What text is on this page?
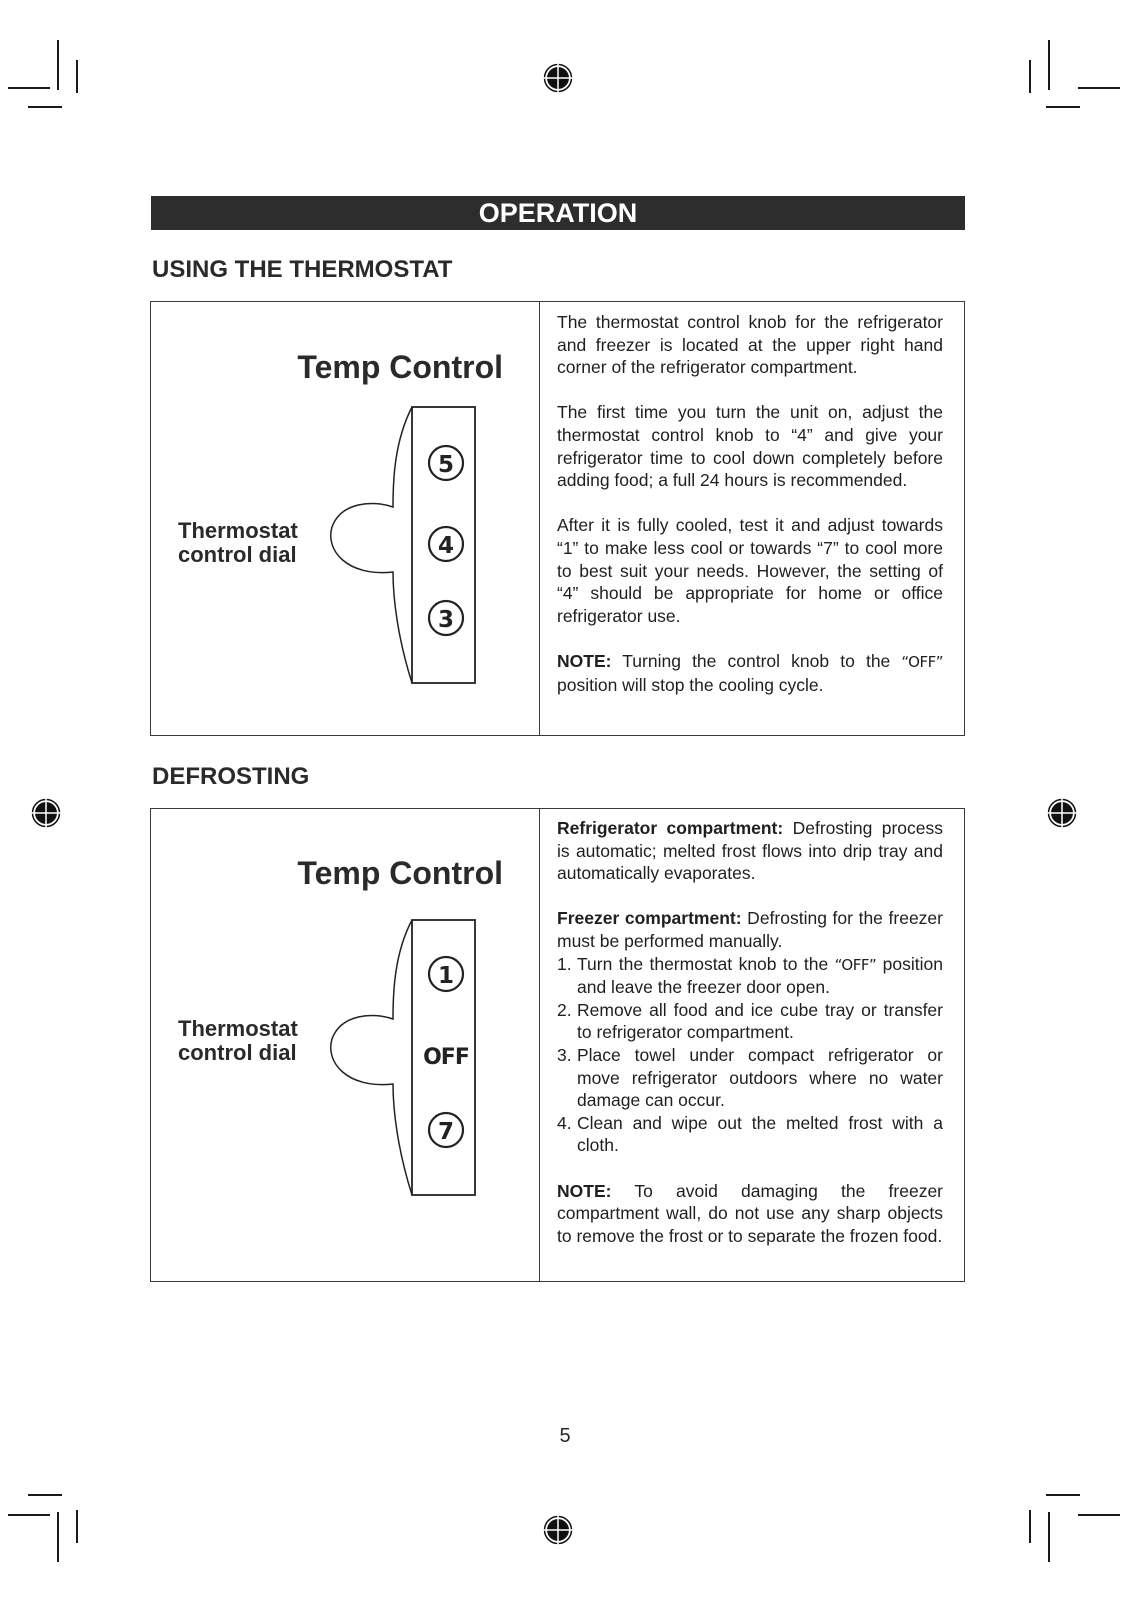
OPERATION
USING THE THERMOSTAT
Temp Control
Thermostat
control dial
5
4
3

The thermostat control knob for the refrigerator and freezer is located at the upper right hand corner of the refrigerator compartment.

The first time you turn the unit on, adjust the thermostat control knob to “4” and give your refrigerator time to cool down completely before adding food; a full 24 hours is recommended.

After it is fully cooled, test it and adjust towards “1” to make less cool or towards “7” to cool more to best suit your needs. However, the setting of “4” should be appropriate for home or office refrigerator use.

NOTE: Turning the control knob to the “OFF” position will stop the cooling cycle.

DEFROSTING
Temp Control
Thermostat
control dial
1
OFF
7

Refrigerator compartment: Defrosting process is automatic; melted frost flows into drip tray and automatically evaporates.

Freezer compartment: Defrosting for the freezer must be performed manually.

1. Turn the thermostat knob to the “OFF” position and leave the freezer door open.
2. Remove all food and ice cube tray or transfer to refrigerator compartment.
3. Place towel under compact refrigerator or move refrigerator outdoors where no water damage can occur.
4. Clean and wipe out the melted frost with a cloth.

NOTE: To avoid damaging the freezer compartment wall, do not use any sharp objects to remove the frost or to separate the frozen food.

5
